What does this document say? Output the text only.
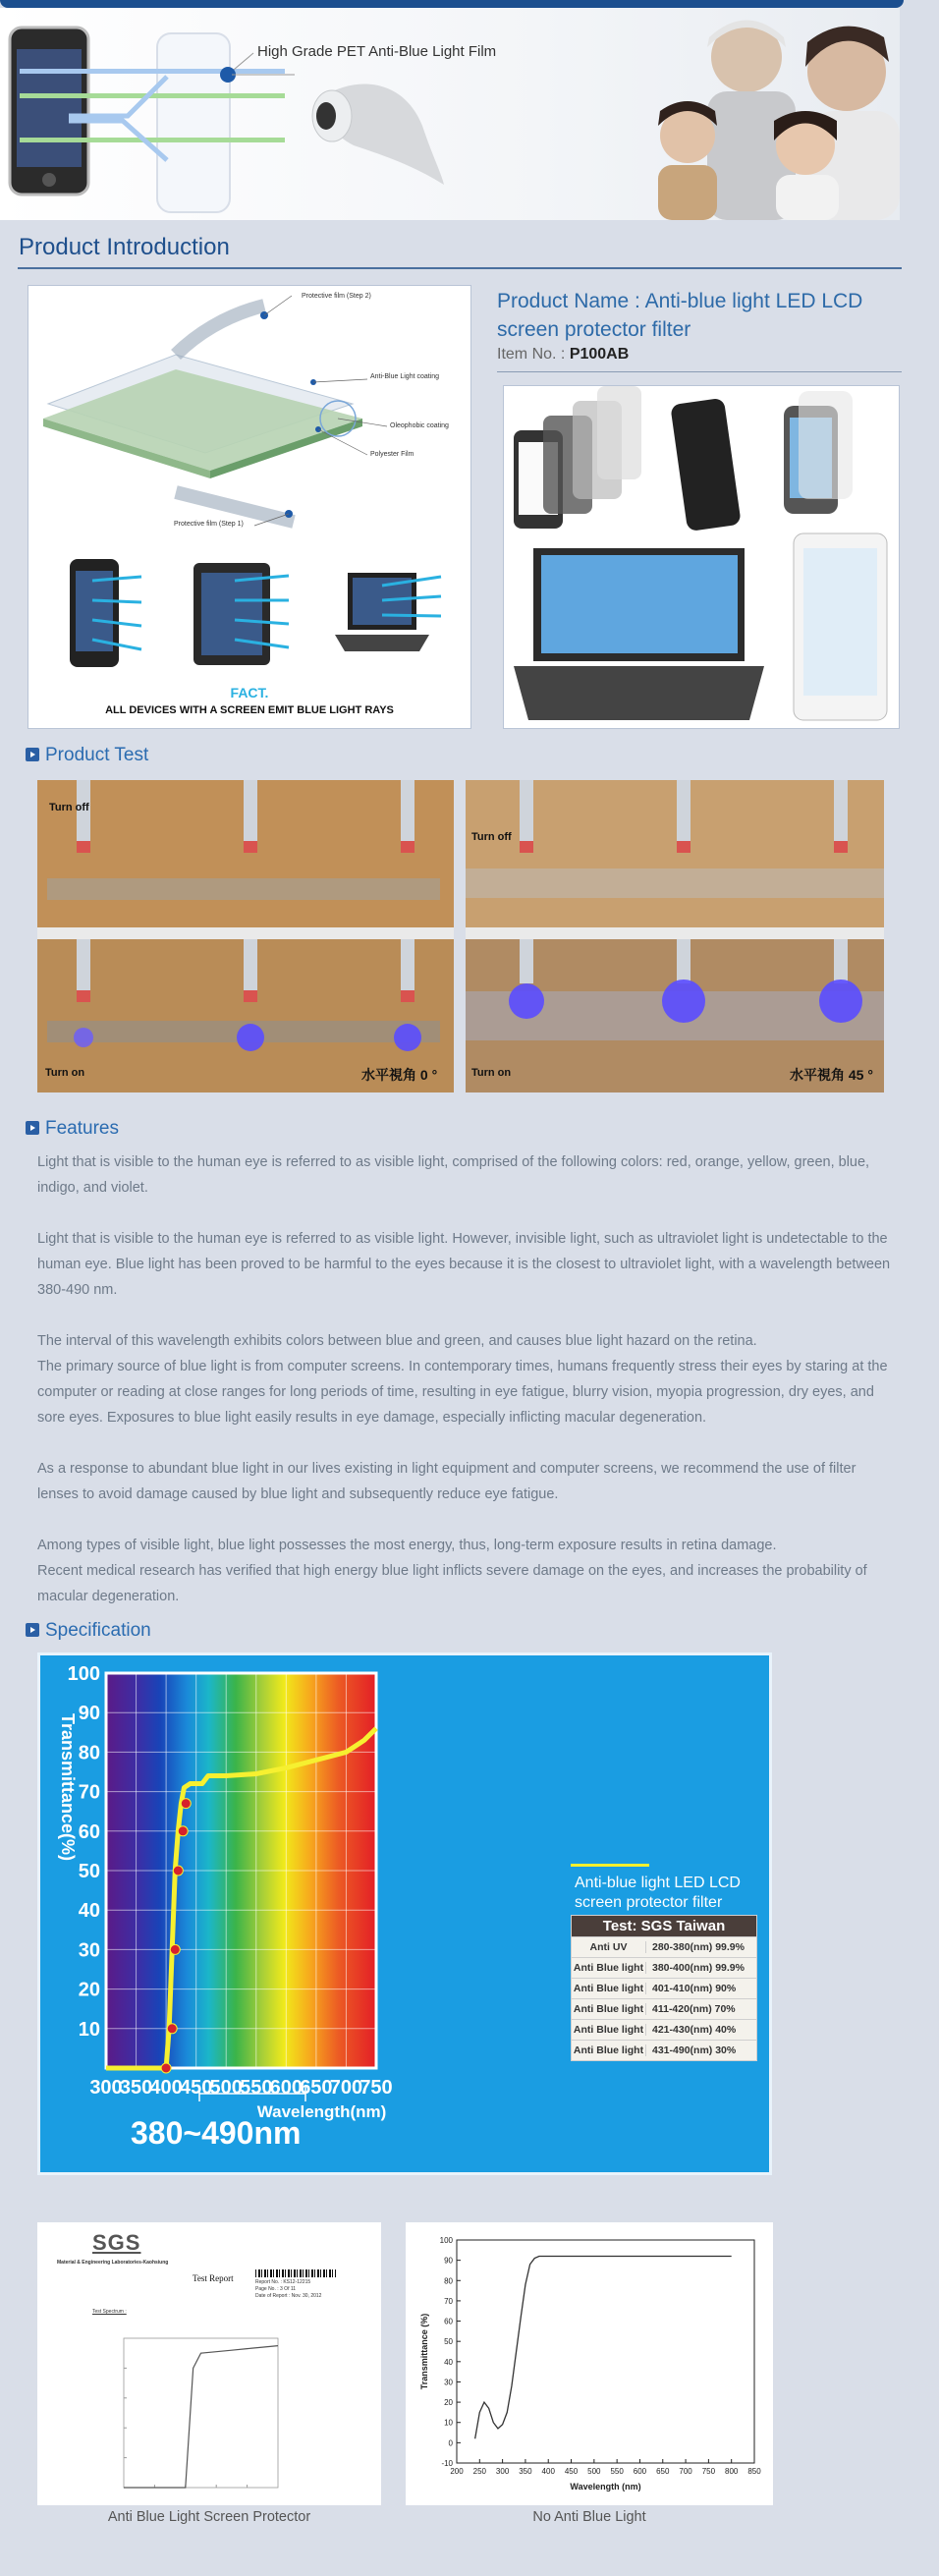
High Grade PET Anti-Blue Light Film
Product Introduction
Protective film (Step 2)
Anti-Blue Light coating
Oleophobic coating
Polyester Film
Protective film (Step 1)
FACT.
ALL DEVICES WITH A SCREEN EMIT BLUE LIGHT RAYS
Product Name : Anti-blue light LED LCD screen protector filter
Item No. : P100AB
Product Test
Turn off
Turn on	水平視角 0 °
Turn off
Turn on	水平視角 45 °
Features
Light that is visible to the human eye is referred to as visible light, comprised of the following colors: red, orange, yellow, green, blue, indigo, and violet.
Light that is visible to the human eye is referred to as visible light. However, invisible light, such as ultraviolet light is undetectable to the human eye. Blue light has been proved to be harmful to the eyes because it is the closest to ultraviolet light, with a wavelength between 380-490 nm.
The interval of this wavelength exhibits colors between blue and green, and causes blue light hazard on the retina.
The primary source of blue light is from computer screens. In contemporary times, humans frequently stress their eyes by staring at the computer or reading at close ranges for long periods of time, resulting in eye fatigue, blurry vision, myopia progression, dry eyes, and sore eyes. Exposures to blue light easily results in eye damage, especially inflicting macular degeneration.
As a response to abundant blue light in our lives existing in light equipment and computer screens, we recommend the use of filter lenses to avoid damage caused by blue light and subsequently reduce eye fatigue.
Among types of visible light, blue light possesses the most energy, thus, long-term exposure results in retina damage.
Recent medical research has verified that high energy blue light inflicts severe damage on the eyes, and increases the probability of macular degeneration.
Specification
10
20
30
40
50
60
70
80
90
100
300
350
400
450
500
550
600
650
700
750
Wavelength(nm)
Transmittance(%)
Anti-blue light LED LCD screen protector filter
380~490nm
Test: SGS Taiwan
Anti UV	280-380(nm) 99.9%
Anti Blue light 380-400(nm) 99.9%
Anti Blue light 401-410(nm) 90%
Anti Blue light 411-420(nm) 70%
Anti Blue light 421-430(nm) 40%
Anti Blue light 431-490(nm) 30%
SGS
Material & Engineering Laboratories-Kaohsiung
Test Report	Report No. : KS12-12215
Page No. : 3 Of 11
Date of Report : Nov. 30, 2012
Test Spectrum :
Anti Blue Light Screen Protector
-10
0
10
20
30
40
50
60
70
80
90
100
200 250 300 350 400 450 500 550 600 650 700 750 800 850
Wavelength (nm)
Transmittance (%)
No Anti Blue Light
